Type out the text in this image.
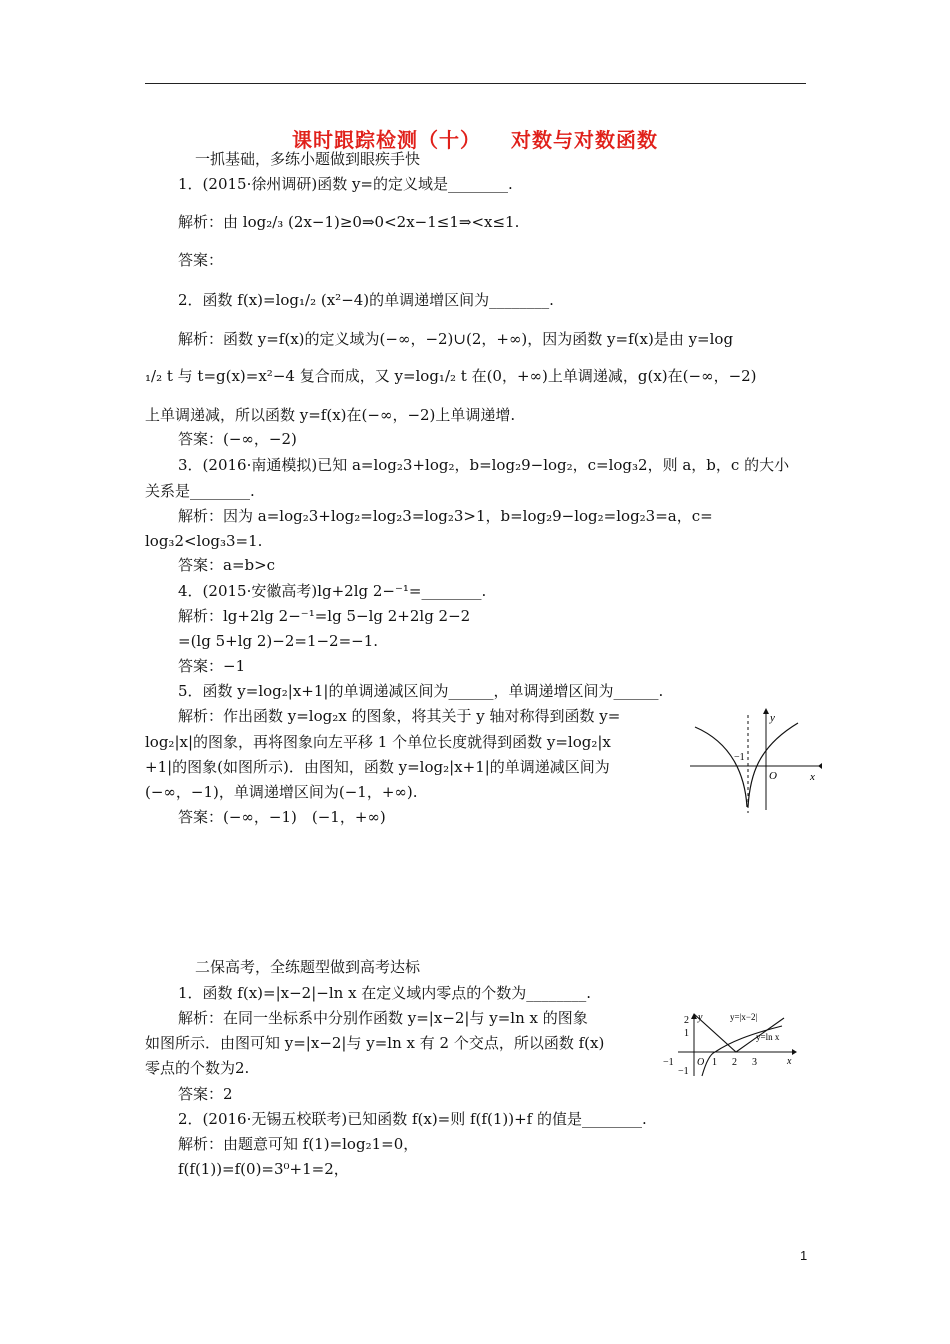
课时跟踪检测（十） 对数与对数函数
一抓基础，多练小题做到眼疾手快
1．(2015·徐州调研)函数 y=的定义域是________.
解析：由 log₂/₃ (2x−1)≥0⇒0<2x−1≤1⇒<x≤1.
答案：
2．函数 f(x)=log₁/₂ (x²−4)的单调递增区间为________.
解析：函数 y=f(x)的定义域为(−∞，−2)∪(2，+∞)，因为函数 y=f(x)是由 y=log
₁/₂ t 与 t=g(x)=x²−4 复合而成，又 y=log₁/₂ t 在(0，+∞)上单调递减，g(x)在(−∞，−2)
上单调递减，所以函数 y=f(x)在(−∞，−2)上单调递增.
答案：(−∞，−2)
3．(2016·南通模拟)已知 a=log₂3+log₂，b=log₂9−log₂，c=log₃2，则 a，b，c 的大小
关系是________.
解析：因为 a=log₂3+log₂=log₂3=log₂3>1，b=log₂9−log₂=log₂3=a，c=
log₃2<log₃3=1.
答案：a=b>c
4．(2015·安徽高考)lg+2lg 2−⁻¹=________.
解析：lg+2lg 2−⁻¹=lg 5−lg 2+2lg 2−2
=(lg 5+lg 2)−2=1−2=−1.
答案：−1
5．函数 y=log₂|x+1|的单调递减区间为______，单调递增区间为______.
解析：作出函数 y=log₂x 的图象，将其关于 y 轴对称得到函数 y=
log₂|x|的图象，再将图象向左平移 1 个单位长度就得到函数 y=log₂|x
+1|的图象(如图所示)．由图知，函数 y=log₂|x+1|的单调递减区间为
(−∞，−1)，单调递增区间为(−1，+∞).
答案：(−∞，−1)　(−1，+∞)
y
x
O
−1
二保高考，全练题型做到高考达标
1．函数 f(x)=|x−2|−ln x 在定义域内零点的个数为________.
解析：在同一坐标系中分别作函数 y=|x−2|与 y=ln x 的图象
如图所示．由图可知 y=|x−2|与 y=ln x 有 2 个交点，所以函数 f(x)
零点的个数为2.
答案：2
2．(2016·无锡五校联考)已知函数 f(x)=则 f(f(1))+f 的值是________.
解析：由题意可知 f(1)=log₂1=0，
f(f(1))=f(0)=3⁰+1=2，
y
x
y=|x−2|
y=ln x
2
1
−1
−1 O 1 2 3
1
